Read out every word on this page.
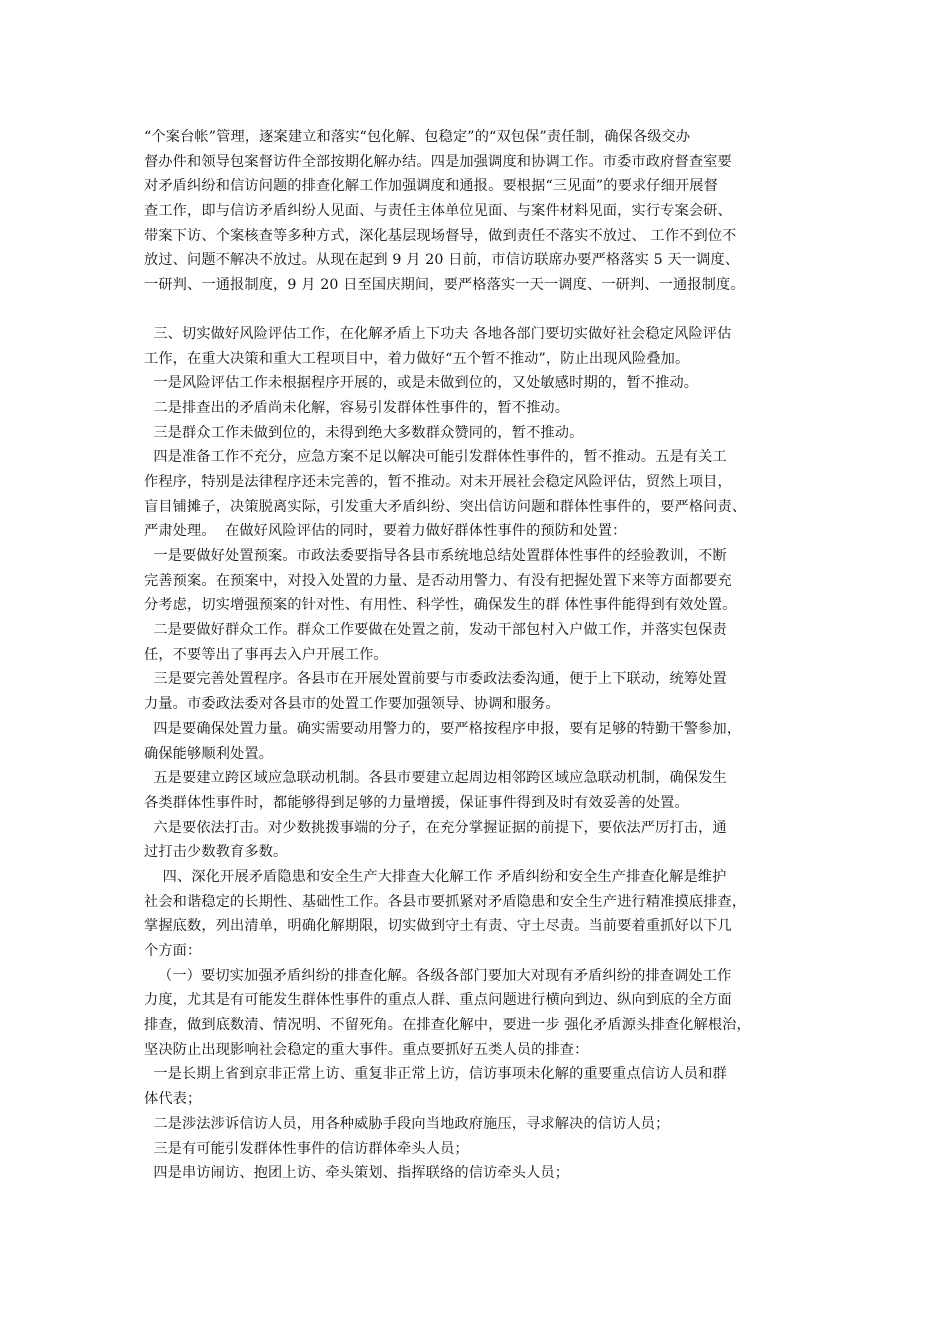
“个案台帐”管理，逐案建立和落实“包化解、包稳定”的“双包保”责任制，确保各级交办
督办件和领导包案督访件全部按期化解办结。四是加强调度和协调工作。市委市政府督查室要
对矛盾纠纷和信访问题的排查化解工作加强调度和通报。要根据“三见面”的要求仔细开展督
查工作，即与信访矛盾纠纷人见面、与责任主体单位见面、与案件材料见面，实行专案会研、
带案下访、个案核查等多种方式，深化基层现场督导，做到责任不落实不放过、 工作不到位不
放过、问题不解决不放过。从现在起到 9 月 20 日前，市信访联席办要严格落实 5 天一调度、
一研判、一通报制度，9 月 20 日至国庆期间，要严格落实一天一调度、一研判、一通报制度。
三、切实做好风险评估工作，在化解矛盾上下功夫 各地各部门要切实做好社会稳定风险评估
工作，在重大决策和重大工程项目中，着力做好“五个暂不推动”，防止出现风险叠加。
一是风险评估工作未根据程序开展的，或是未做到位的，又处敏感时期的，暂不推动。
二是排查出的矛盾尚未化解，容易引发群体性事件的，暂不推动。
三是群众工作未做到位的，未得到绝大多数群众赞同的，暂不推动。
四是准备工作不充分，应急方案不足以解决可能引发群体性事件的，暂不推动。五是有关工
作程序，特别是法律程序还未完善的，暂不推动。对未开展社会稳定风险评估，贸然上项目，
盲目铺摊子，决策脱离实际，引发重大矛盾纠纷、突出信访问题和群体性事件的，要严格问责、
严肃处理。  在做好风险评估的同时，要着力做好群体性事件的预防和处置：
一是要做好处置预案。市政法委要指导各县市系统地总结处置群体性事件的经验教训，不断
完善预案。在预案中，对投入处置的力量、是否动用警力、有没有把握处置下来等方面都要充
分考虑，切实增强预案的针对性、有用性、科学性，确保发生的群 体性事件能得到有效处置。
二是要做好群众工作。群众工作要做在处置之前，发动干部包村入户做工作，并落实包保责
任，不要等出了事再去入户开展工作。
三是要完善处置程序。各县市在开展处置前要与市委政法委沟通，便于上下联动，统筹处置
力量。市委政法委对各县市的处置工作要加强领导、协调和服务。
四是要确保处置力量。确实需要动用警力的，要严格按程序申报，要有足够的特勤干警参加，
确保能够顺利处置。
五是要建立跨区域应急联动机制。各县市要建立起周边相邻跨区域应急联动机制，确保发生
各类群体性事件时，都能够得到足够的力量增援，保证事件得到及时有效妥善的处置。
六是要依法打击。对少数挑拨事端的分子，在充分掌握证据的前提下，要依法严厉打击，通
过打击少数教育多数。
四、深化开展矛盾隐患和安全生产大排查大化解工作 矛盾纠纷和安全生产排查化解是维护
社会和谐稳定的长期性、基础性工作。各县市要抓紧对矛盾隐患和安全生产进行精准摸底排查，
掌握底数，列出清单，明确化解期限，切实做到守土有责、守土尽责。当前要着重抓好以下几
个方面：
（一）要切实加强矛盾纠纷的排查化解。各级各部门要加大对现有矛盾纠纷的排查调处工作
力度，尤其是有可能发生群体性事件的重点人群、重点问题进行横向到边、纵向到底的全方面
排查，做到底数清、情况明、不留死角。在排查化解中，要进一步 强化矛盾源头排查化解根治，
坚决防止出现影响社会稳定的重大事件。重点要抓好五类人员的排查：
一是长期上省到京非正常上访、重复非正常上访，信访事项未化解的重要重点信访人员和群
体代表；
二是涉法涉诉信访人员，用各种威胁手段向当地政府施压，寻求解决的信访人员；
三是有可能引发群体性事件的信访群体牵头人员；
四是串访闹访、抱团上访、牵头策划、指挥联络的信访牵头人员；
